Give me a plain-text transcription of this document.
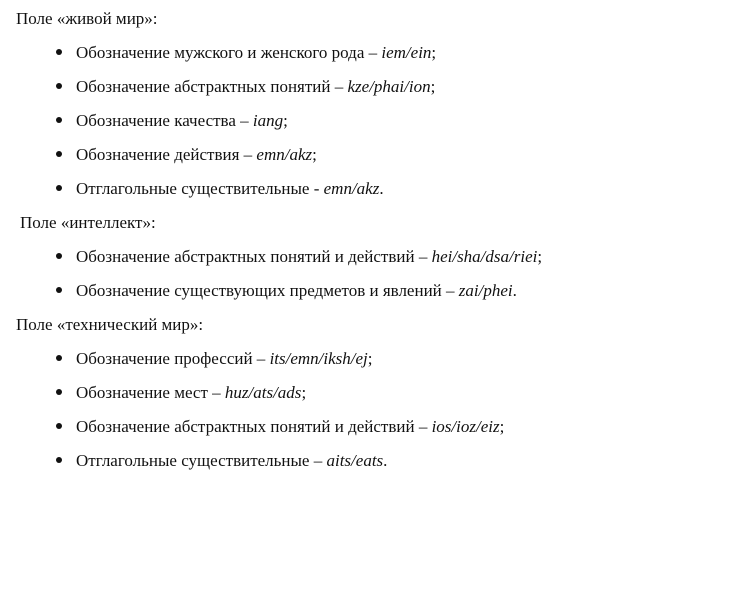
Поле «живой мир»:

Обозначение мужского и женского рода – iem/ein;
Обозначение абстрактных понятий – kze/phai/ion;
Обозначение качества – iang;
Обозначение действия – emn/akz;
Отглагольные существительные - emn/akz.

Поле «интеллект»:

Обозначение абстрактных понятий и действий – hei/sha/dsa/riei;
Обозначение существующих предметов и явлений – zai/phei.

Поле «технический мир»:

Обозначение профессий – its/emn/iksh/ej;
Обозначение мест – huz/ats/ads;
Обозначение абстрактных понятий и действий – ios/ioz/eiz;
Отглагольные существительные – aits/eats.
